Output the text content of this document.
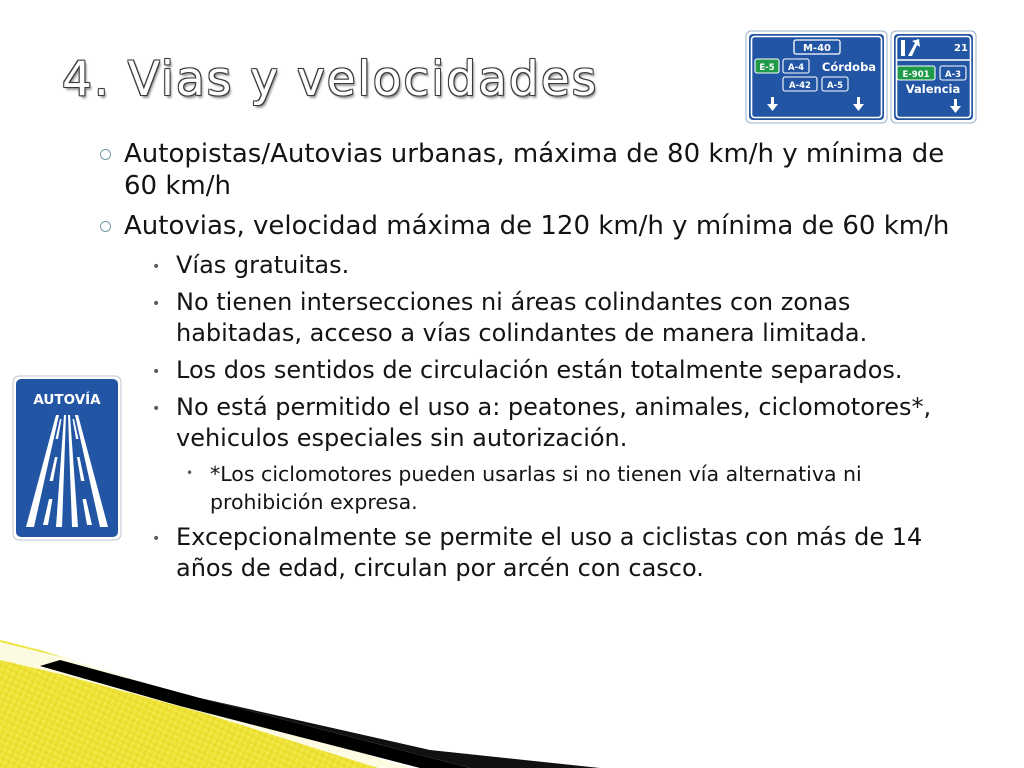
4. Vias y velocidades
M-40
E-5 A-4 Córdoba
A-42 A-5
21
E-901 A-3
Valencia
AUTOVÍA
Autopistas/Autovias urbanas, máxima de 80 km/h y mínima de 60 km/h
Autovias, velocidad máxima de 120 km/h y mínima de 60 km/h
• Vías gratuitas.
• No tienen intersecciones ni áreas colindantes con zonas habitadas, acceso a vías colindantes de manera limitada.
• Los dos sentidos de circulación están totalmente separados.
• No está permitido el uso a: peatones, animales, ciclomotores*, vehiculos especiales sin autorización.
• *Los ciclomotores pueden usarlas si no tienen vía alternativa ni prohibición expresa.
• Excepcionalmente se permite el uso a ciclistas con más de 14 años de edad, circulan por arcén con casco.
